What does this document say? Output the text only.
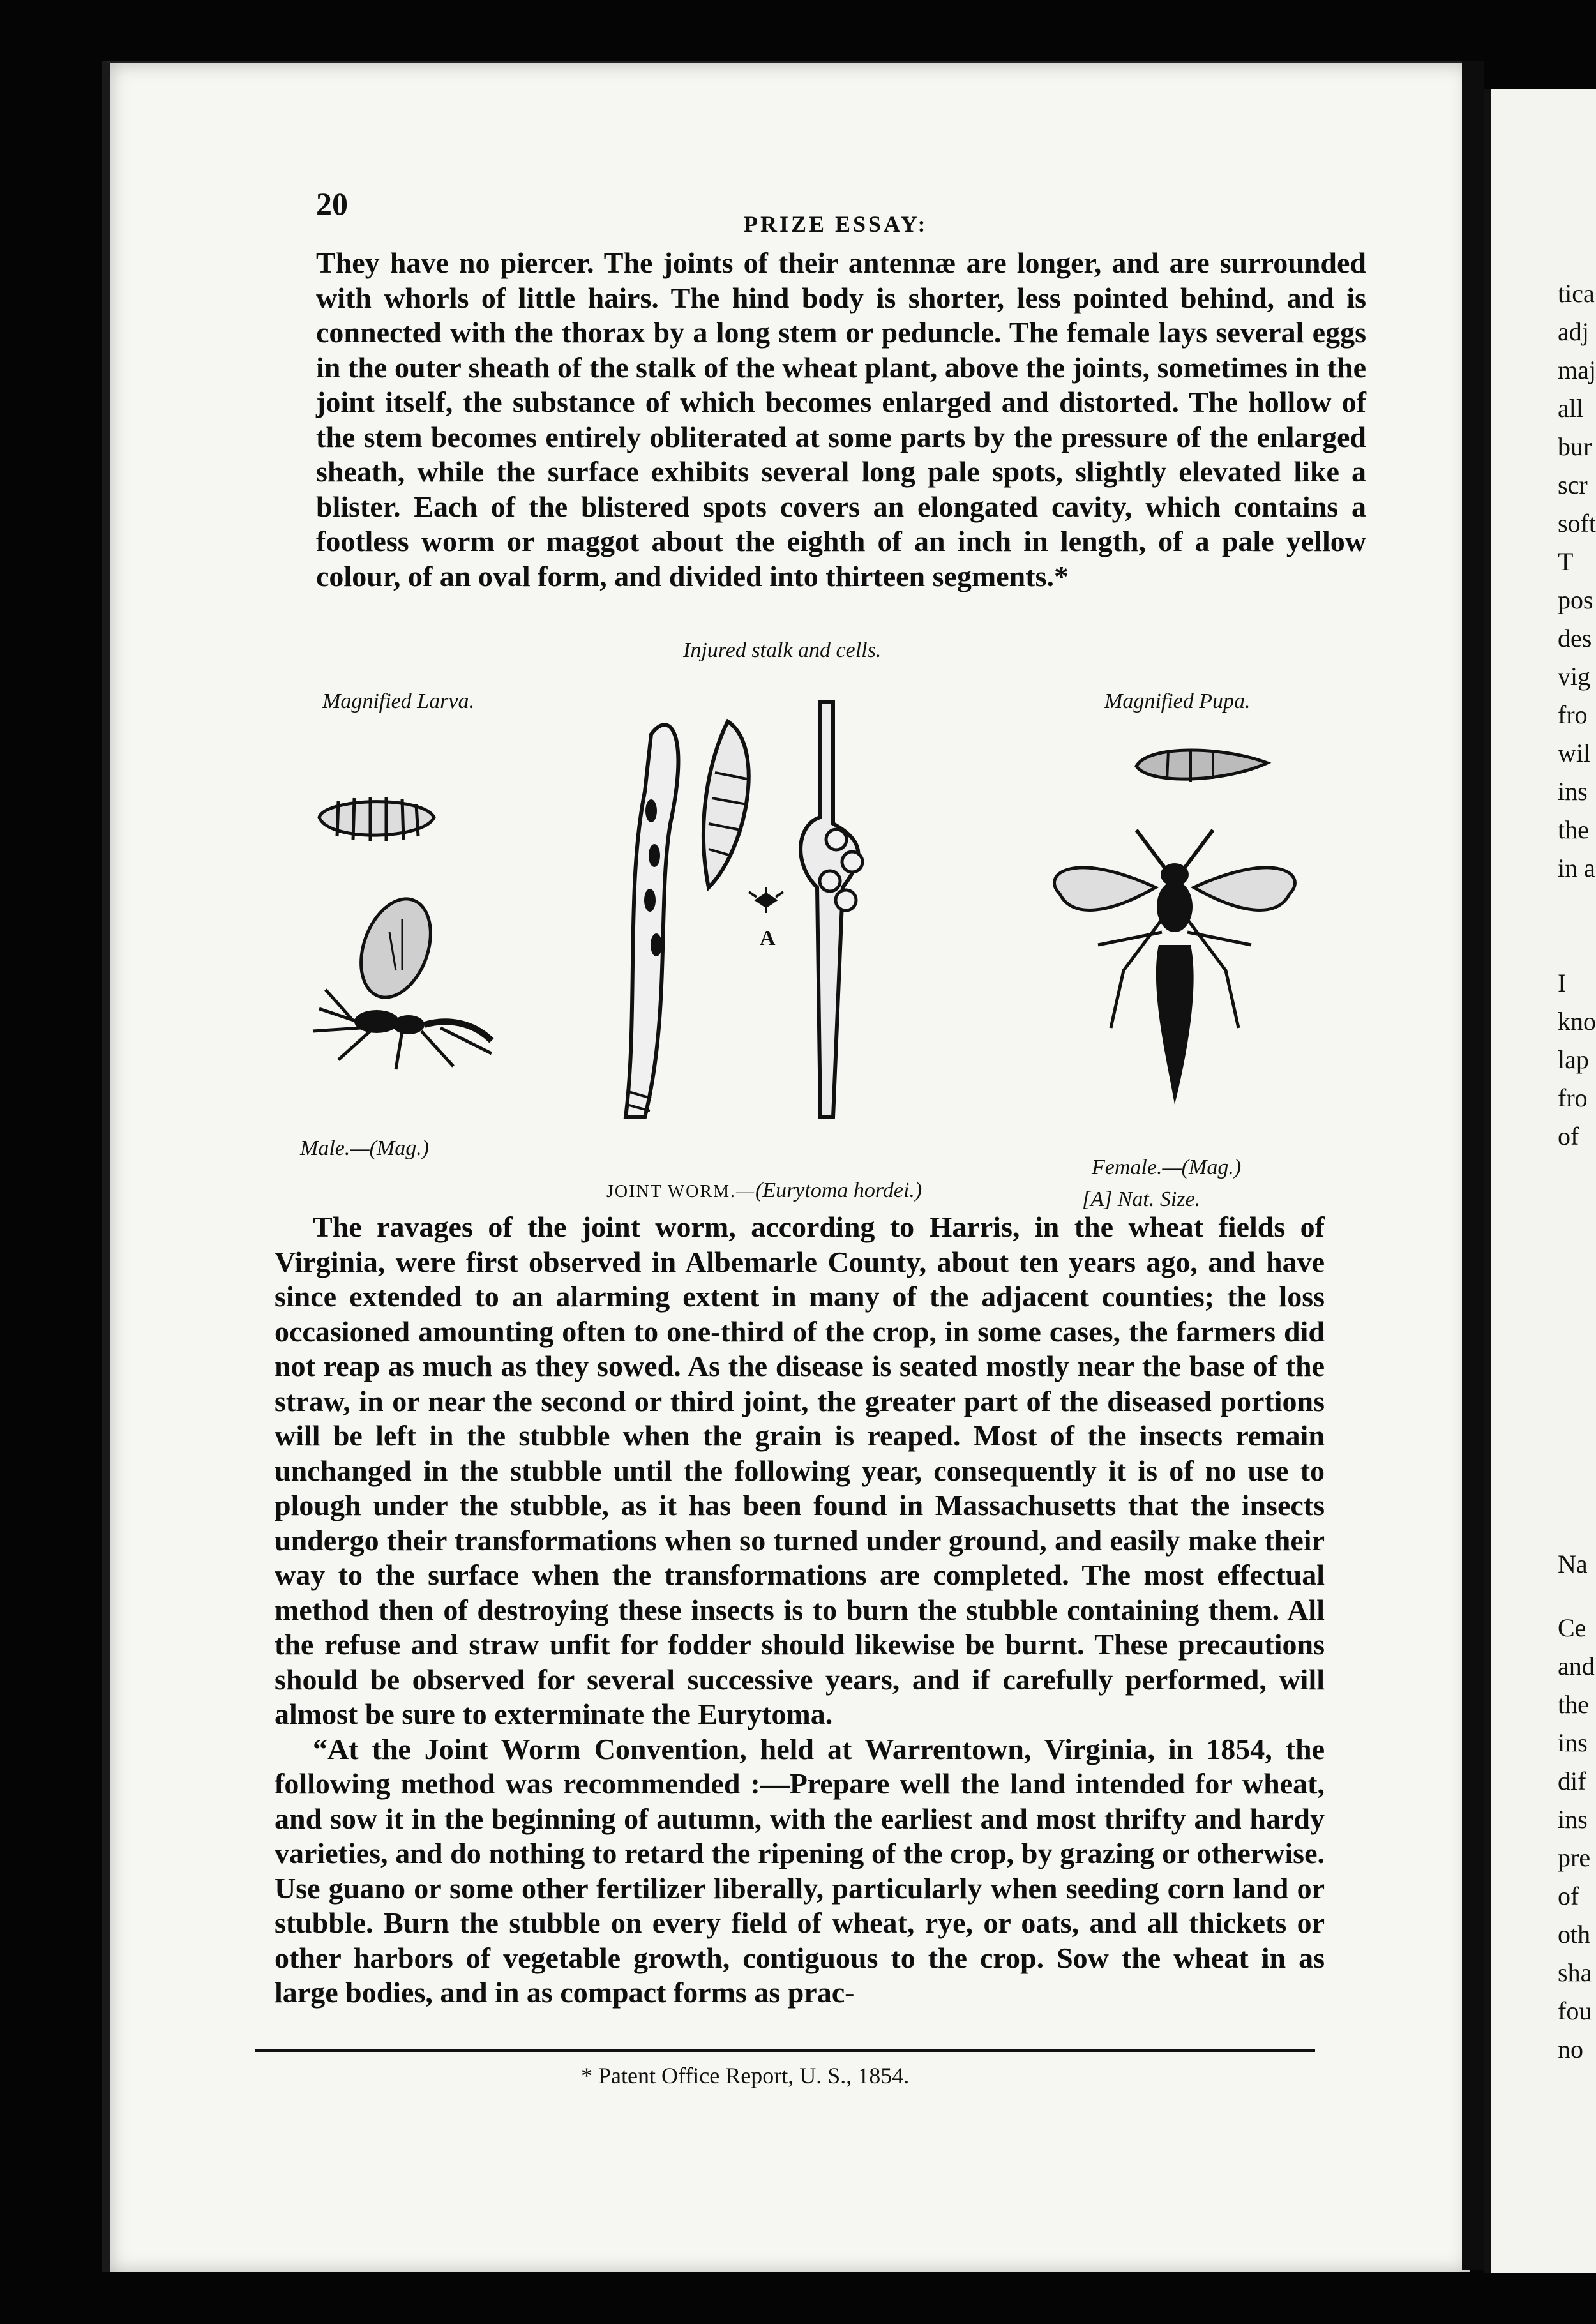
20
PRIZE ESSAY:
They have no piercer. The joints of their antennæ are longer, and are surrounded with whorls of little hairs. The hind body is shorter, less pointed behind, and is connected with the thorax by a long stem or peduncle. The female lays several eggs in the outer sheath of the stalk of the wheat plant, above the joints, sometimes in the joint itself, the substance of which becomes enlarged and distorted. The hollow of the stem becomes entirely obliterated at some parts by the pressure of the enlarged sheath, while the surface exhibits several long pale spots, slightly elevated like a blister. Each of the blistered spots covers an elongated cavity, which contains a footless worm or maggot about the eighth of an inch in length, of a pale yellow colour, of an oval form, and divided into thirteen segments.*
Injured stalk and cells.
Magnified Larva.	Magnified Pupa.
A
Male.—(Mag.)
Female.—(Mag.)
JOINT WORM.—(Eurytoma hordei.)	[A] Nat. Size.
The ravages of the joint worm, according to Harris, in the wheat fields of Virginia, were first observed in Albemarle County, about ten years ago, and have since extended to an alarming extent in many of the adjacent counties; the loss occasioned amounting often to one-third of the crop, in some cases, the farmers did not reap as much as they sowed. As the disease is seated mostly near the base of the straw, in or near the second or third joint, the greater part of the diseased portions will be left in the stubble when the grain is reaped. Most of the insects remain unchanged in the stubble until the following year, consequently it is of no use to plough under the stubble, as it has been found in Massachusetts that the insects undergo their transformations when so turned under ground, and easily make their way to the surface when the transformations are completed. The most effectual method then of destroying these insects is to burn the stubble containing them. All the refuse and straw unfit for fodder should likewise be burnt. These precautions should be observed for several successive years, and if carefully performed, will almost be sure to exterminate the Eurytoma.
“At the Joint Worm Convention, held at Warrentown, Virginia, in 1854, the following method was recommended :—Prepare well the land intended for wheat, and sow it in the beginning of autumn, with the earliest and most thrifty and hardy varieties, and do nothing to retard the ripening of the crop, by grazing or otherwise. Use guano or some other fertilizer liberally, particularly when seeding corn land or stubble. Burn the stubble on every field of wheat, rye, or oats, and all thickets or other harbors of vegetable growth, contiguous to the crop. Sow the wheat in as large bodies, and in as compact forms as prac-
* Patent Office Report, U. S., 1854.
tica
adj
maj
all
bur
scr
soft
T
pos
des
vig
fro
wil
ins
the
in a
I
kno
lap
fro
of
Na
Ce
and
the
ins
dif
ins
pre
of
oth
sha
fou
no
